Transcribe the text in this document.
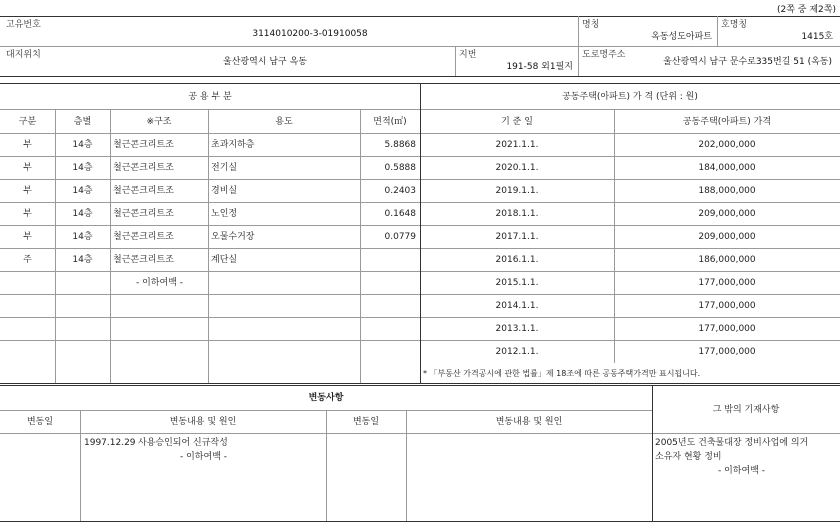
(2쪽 중 제2쪽)
고유번호
3114010200-3-01910058
명칭
옥동성도아파트
호명칭
1415호
대지위치
울산광역시 남구 옥동
지번
191-58 외1필지
도로명주소
울산광역시 남구 문수로335번길 51 (옥동)
공 용 부 분	공동주택(아파트) 가 격 (단위 : 원)
구분	층별	※구조	용도	면적(㎡)	기 준 일	공동주택(아파트) 가격
부	14층	철근콘크리트조	초과지하층	5.8868
부	14층	철근콘크리트조	전기실	0.5888
부	14층	철근콘크리트조	경비실	0.2403
부	14층	철근콘크리트조	노인정	0.1648
부	14층	철근콘크리트조	오물수거장	0.0779
주	14층	철근콘크리트조	계단실
- 이하여백 -
2021.1.1.	202,000,000
2020.1.1.	184,000,000
2019.1.1.	188,000,000
2018.1.1.	209,000,000
2017.1.1.	209,000,000
2016.1.1.	186,000,000
2015.1.1.	177,000,000
2014.1.1.	177,000,000
2013.1.1.	177,000,000
2012.1.1.	177,000,000
* 「부동산 가격공시에 관한 법률」제 18조에 따른 공동주택가격만 표시됩니다.
변동사항
변동일	변동내용 및 원인	변동일	변동내용 및 원인
그 밖의 기재사항
1997.12.29 사용승인되어 신규작성
- 이하여백 -
2005년도 건축물대장 정비사업에 의거
소유자 현황 정비
- 이하여백 -
